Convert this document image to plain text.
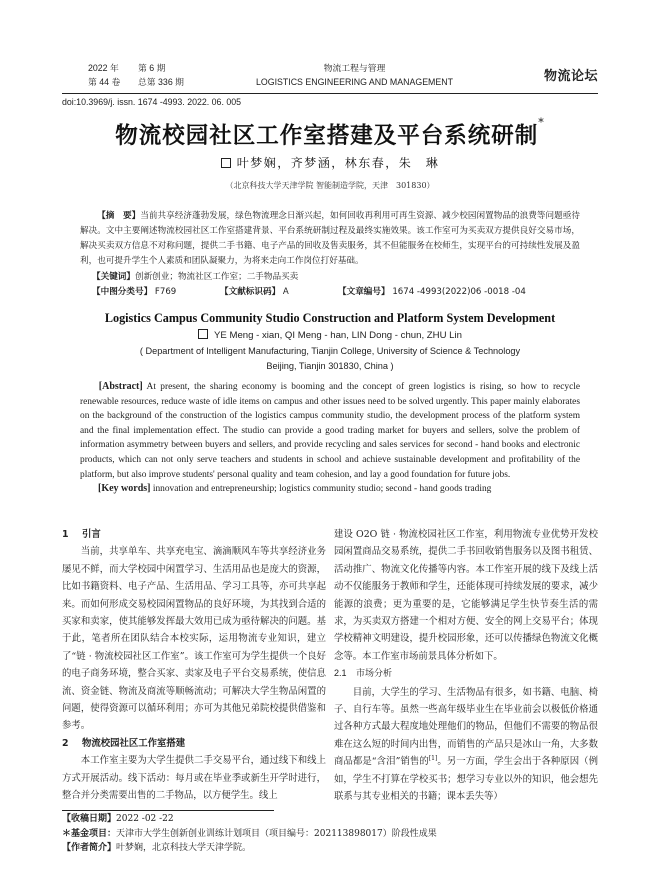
2022 年 第 6 期
第 44 卷 总第 336 期
物流工程与管理
LOGISTICS ENGINEERING AND MANAGEMENT	物流论坛
doi:10.3969/j. issn. 1674 -4993. 2022. 06. 005
物流校园社区工作室搭建及平台系统研制*
叶梦娴，齐梦涵，林东春，朱　琳
（北京科技大学天津学院 智能制造学院，天津　301830）
【摘　要】当前共享经济蓬勃发展，绿色物流理念日渐兴起，如何回收再利用可再生资源、减少校园闲置物品的浪费等问题亟待解决。文中主要阐述物流校园社区工作室搭建背景、平台系统研制过程及最终实施效果。该工作室可为买卖双方提供良好交易市场，解决买卖双方信息不对称问题，提供二手书籍、电子产品的回收及售卖服务，其不但能服务在校师生，实现平台的可持续性发展及盈利，也可提升学生个人素质和团队凝聚力，为将来走向工作岗位打好基础。
【关键词】创新创业；物流社区工作室；二手物品买卖
【中图分类号】 F769	【文献标识码】 A	【文章编号】 1674 -4993(2022)06 -0018 -04
Logistics Campus Community Studio Construction and Platform System Development
YE Meng - xian, QI Meng - han, LIN Dong - chun, ZHU Lin
( Department of Intelligent Manufacturing, Tianjin College, University of Science & Technology
Beijing, Tianjin 301830, China )
[Abstract] At present, the sharing economy is booming and the concept of green logistics is rising, so how to recycle renewable resources, reduce waste of idle items on campus and other issues need to be solved urgently. This paper mainly elaborates on the background of the construction of the logistics campus community studio, the development process of the platform system and the final implementation effect. The studio can provide a good trading market for buyers and sellers, solve the problem of information asymmetry between buyers and sellers, and provide recycling and sales services for second - hand books and electronic products, which can not only serve teachers and students in school and achieve sustainable development and profitability of the platform, but also improve students' personal quality and team cohesion, and lay a good foundation for future jobs.
[Key words] innovation and entrepreneurship; logistics community studio; second - hand goods trading
1 引言
当前，共享单车、共享充电宝、滴滴顺风车等共享经济业务屡见不鲜，而大学校园中闲置学习、生活用品也是庞大的资源，比如书籍资料、电子产品、生活用品、学习工具等，亦可共享起来。而如何形成交易校园闲置物品的良好环境，为其找到合适的买家和卖家，使其能够发挥最大效用已成为亟待解决的问题。基于此，笔者所在团队结合本校实际，运用物流专业知识，建立了“链 · 物流校园社区工作室”。该工作室可为学生提供一个良好的电子商务环境，整合买家、卖家及电子平台交易系统，使信息流、资金链、物流及商流等顺畅流动；可解决大学生物品闲置的问题，使得资源可以循环利用；亦可为其他兄弟院校提供借鉴和参考。
2 物流校园社区工作室搭建
本工作室主要为大学生提供二手交易平台，通过线下和线上方式开展活动。线下活动：每月或在毕业季或新生开学时进行，整合并分类需要出售的二手物品，以方便学生。线上
建设 O2O 链 · 物流校园社区工作室，利用物流专业优势开发校园闲置商品交易系统，提供二手书回收销售服务以及图书租赁、活动推广、物流文化传播等内容。本工作室开展的线下及线上活动不仅能服务于教师和学生，还能体现可持续发展的要求，减少能源的浪费；更为重要的是，它能够满足学生快节奏生活的需求，为买卖双方搭建一个相对方便、安全的网上交易平台；体现学校精神文明建设，提升校园形象，还可以传播绿色物流文化概念等。本工作室市场前景具体分析如下。
2.1 市场分析
目前，大学生的学习、生活物品有很多，如书籍、电脑、椅子、自行车等。虽然一些高年级毕业生在毕业前会以极低价格通过各种方式最大程度地处理他们的物品，但他们不需要的物品很难在这么短的时间内出售，而销售的产品只是冰山一角，大多数商品都是“含泪”销售的[1]。另一方面，学生会出于各种原因（例如，学生不打算在学校买书；想学习专业以外的知识，他会想先联系与其专业相关的书籍；课本丢失等）
【收稿日期】2022 -02 -22
＊基金项目：天津市大学生创新创业训练计划项目（项目编号：202113898017）阶段性成果
【作者简介】叶梦娴，北京科技大学天津学院。
